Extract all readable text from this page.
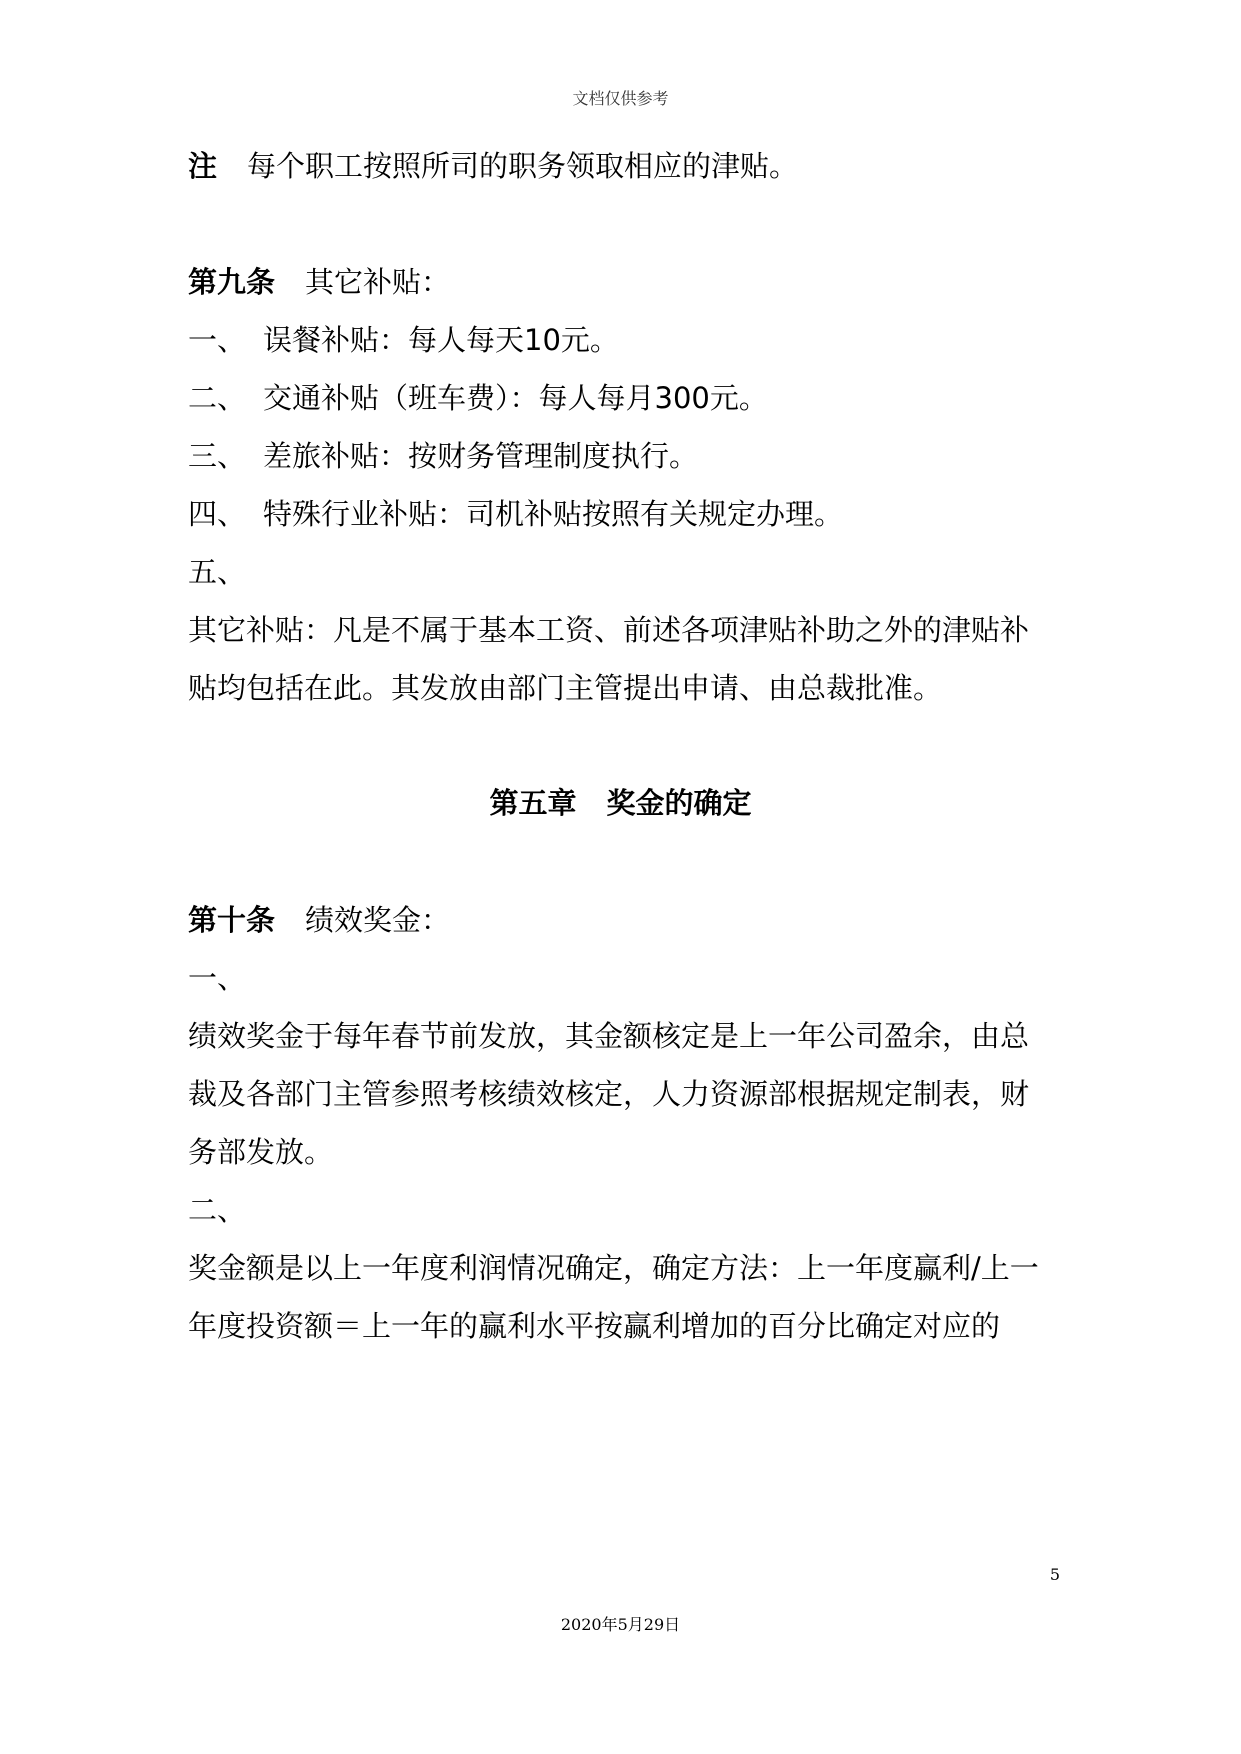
文档仅供参考
注 每个职工按照所司的职务领取相应的津贴。
第九条 其它补贴：
一、 误餐补贴：每人每天10元。
二、 交通补贴（班车费）：每人每月300元。
三、 差旅补贴：按财务管理制度执行。
四、 特殊行业补贴：司机补贴按照有关规定办理。
五、
其它补贴：凡是不属于基本工资、前述各项津贴补助之外的津贴补
贴均包括在此。其发放由部门主管提出申请、由总裁批准。
第五章 奖金的确定
第十条 绩效奖金：
一、
绩效奖金于每年春节前发放，其金额核定是上一年公司盈余，由总
裁及各部门主管参照考核绩效核定，人力资源部根据规定制表，财
务部发放。
二、
奖金额是以上一年度利润情况确定，确定方法：上一年度赢利/上一
年度投资额＝上一年的赢利水平按赢利增加的百分比确定对应的
5
2020年5月29日
